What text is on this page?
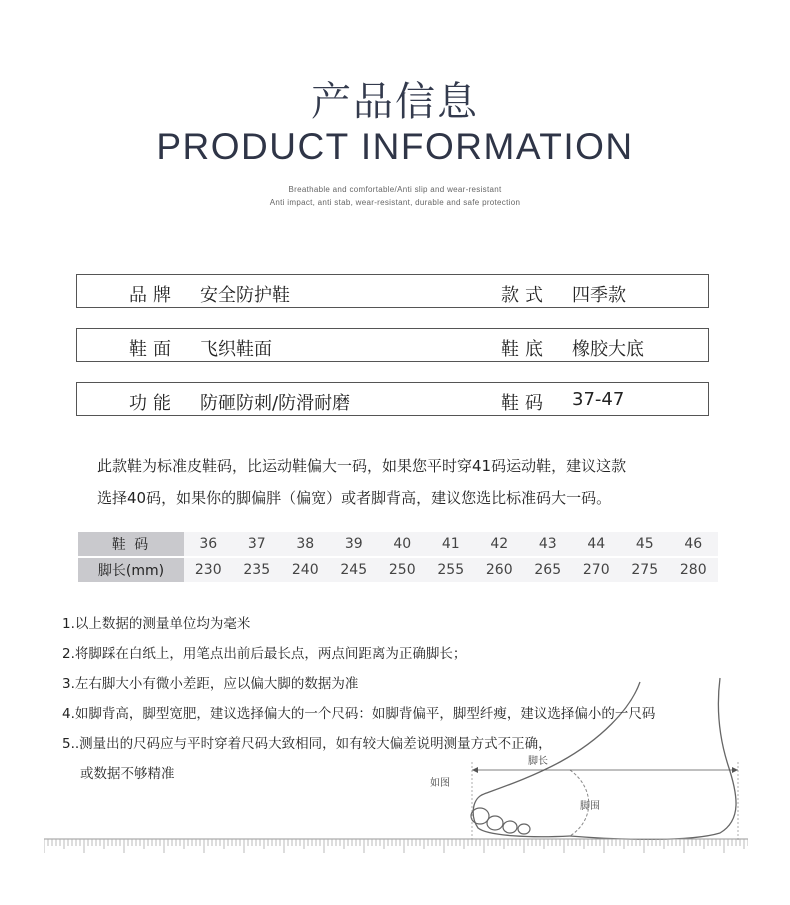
产品信息
PRODUCT INFORMATION
Breathable and comfortable/Anti slip and wear-resistant
Anti impact, anti stab, wear-resistant, durable and safe protection
品牌 安全防护鞋	款式 四季款
鞋面 飞织鞋面	鞋底 橡胶大底
功能 防砸防刺/防滑耐磨	鞋码 37-47
此款鞋为标准皮鞋码，比运动鞋偏大一码，如果您平时穿41码运动鞋，建议这款
选择40码，如果你的脚偏胖（偏宽）或者脚背高，建议您选比标准码大一码。
鞋 码	36	37	38	39	40	41	42	43	44	45	46
脚长(mm)	230	235	240	245	250	255	260	265	270	275	280
脚长
脚围
如图
1.以上数据的测量单位均为毫米
2.将脚踩在白纸上，用笔点出前后最长点，两点间距离为正确脚长；
3.左右脚大小有微小差距，应以偏大脚的数据为准
4.如脚背高，脚型宽肥，建议选择偏大的一个尺码：如脚背偏平，脚型纤瘦，建议选择偏小的一尺码
5..测量出的尺码应与平时穿着尺码大致相同，如有较大偏差说明测量方式不正确，
或数据不够精准
